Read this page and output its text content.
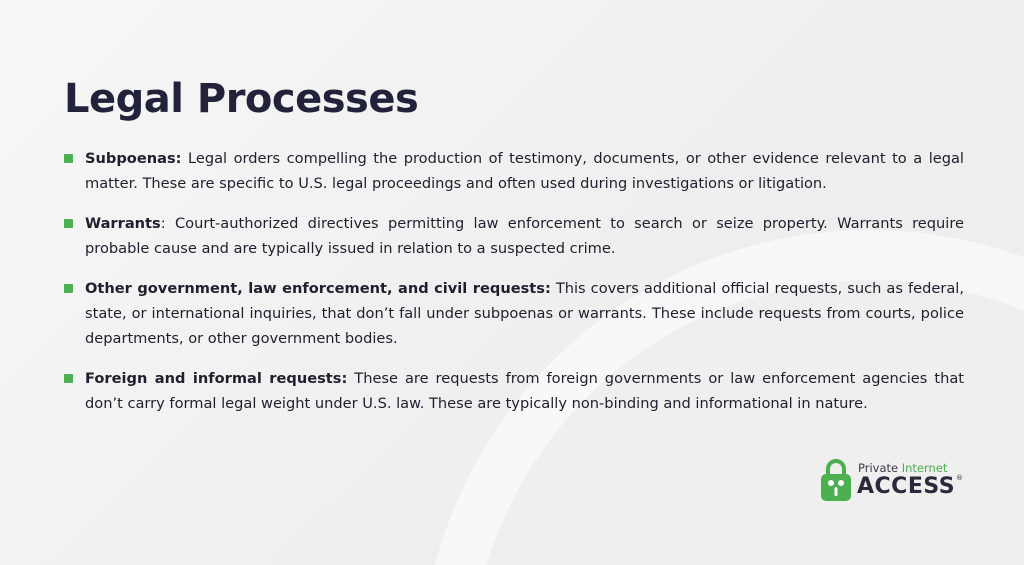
Legal Processes
Subpoenas: Legal orders compelling the production of testimony, documents, or other evidence relevant to a legal matter. These are specific to U.S. legal proceedings and often used during investigations or litigation.
Warrants: Court-authorized directives permitting law enforcement to search or seize property. Warrants require probable cause and are typically issued in relation to a suspected crime.
Other government, law enforcement, and civil requests: This covers additional official requests, such as federal, state, or international inquiries, that don’t fall under subpoenas or warrants. These include requests from courts, police departments, or other government bodies.
Foreign and informal requests: These are requests from foreign governments or law enforcement agencies that don’t carry formal legal weight under U.S. law. These are typically non-binding and informational in nature.
Private Internet
ACCESS®
